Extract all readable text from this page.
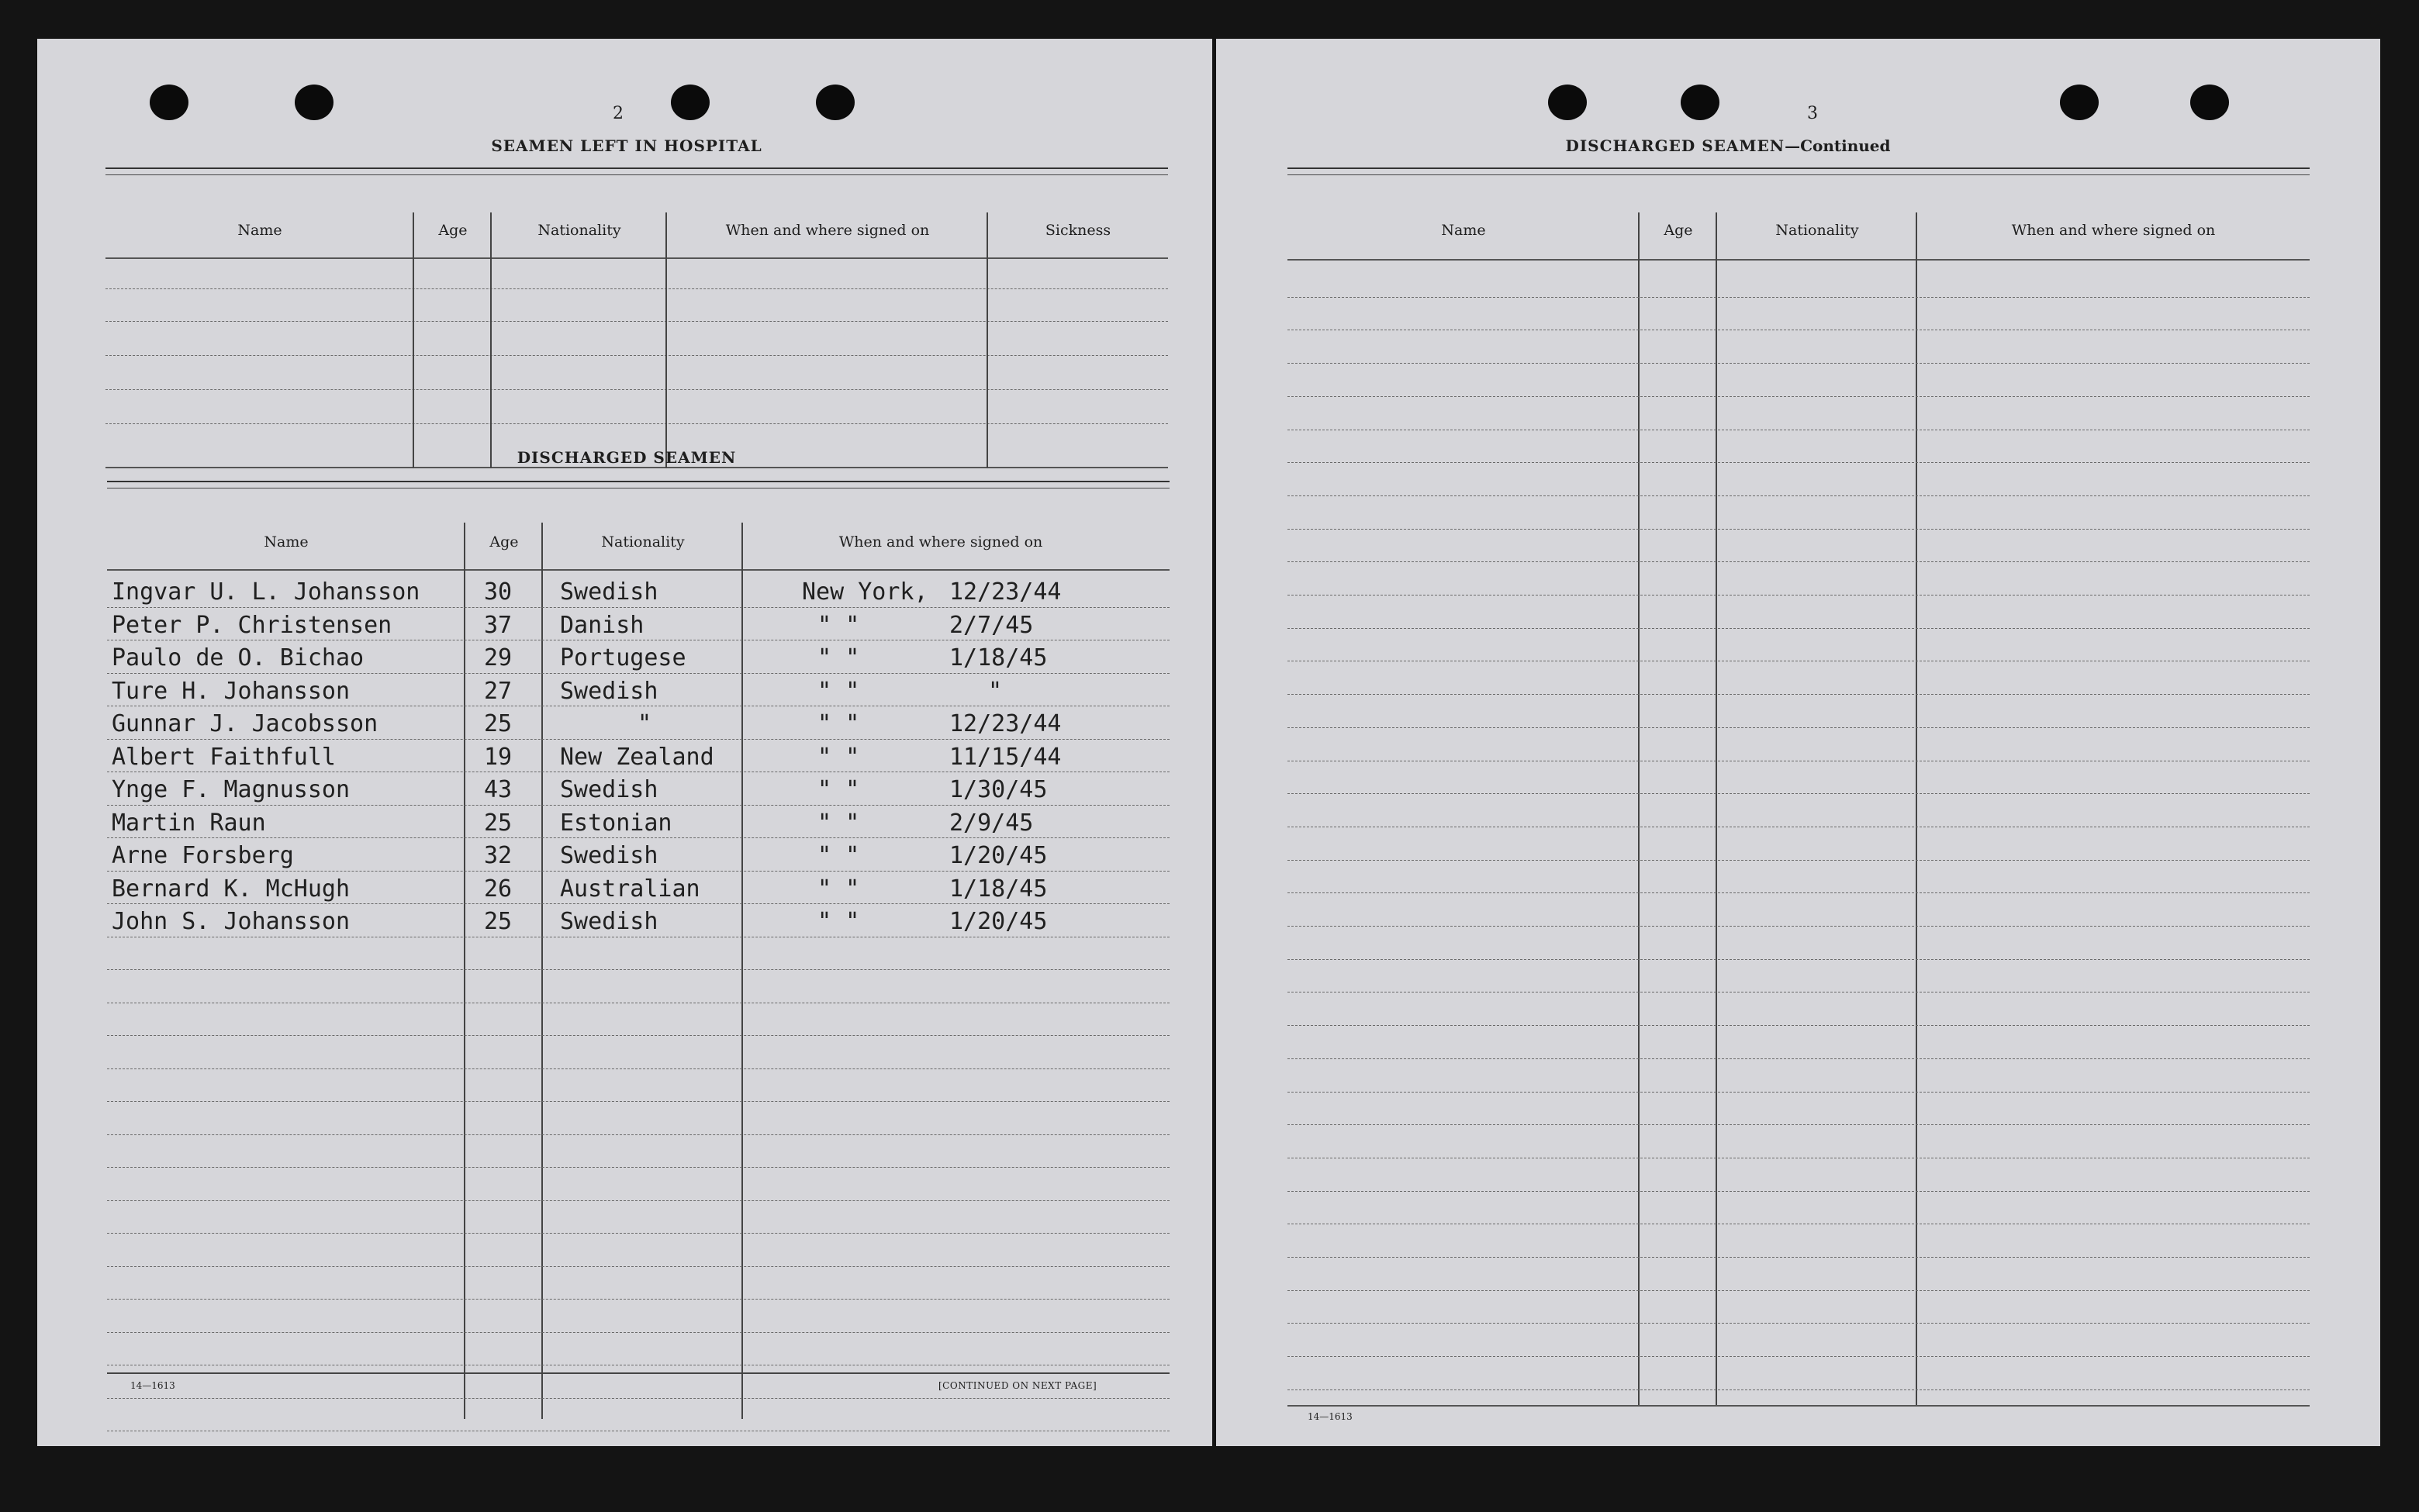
2
SEAMEN LEFT IN HOSPITAL
Name	Age	Nationality	When and where signed on	Sickness
DISCHARGED SEAMEN
Name	Age	Nationality	When and where signed on
Ingvar U. L. Johansson	30 Swedish	New York, 12/23/44
Peter P. Christensen	37 Danish	" "	2/7/45
Paulo de O. Bichao	29 Portugese	" "	1/18/45
Ture H. Johansson	27 Swedish	" "	"
Gunnar J. Jacobsson	25	"	" "	12/23/44
Albert Faithfull	19 New Zealand	" "	11/15/44
Ynge F. Magnusson	43 Swedish	" "	1/30/45
Martin Raun	25 Estonian	" "	2/9/45
Arne Forsberg	32 Swedish	" "	1/20/45
Bernard K. McHugh	26 Australian	" "	1/18/45
John S. Johansson	25 Swedish	" "	1/20/45
14—1613	[CONTINUED ON NEXT PAGE]
3
DISCHARGED SEAMEN—Continued
Name	Age	Nationality	When and where signed on
14—1613
